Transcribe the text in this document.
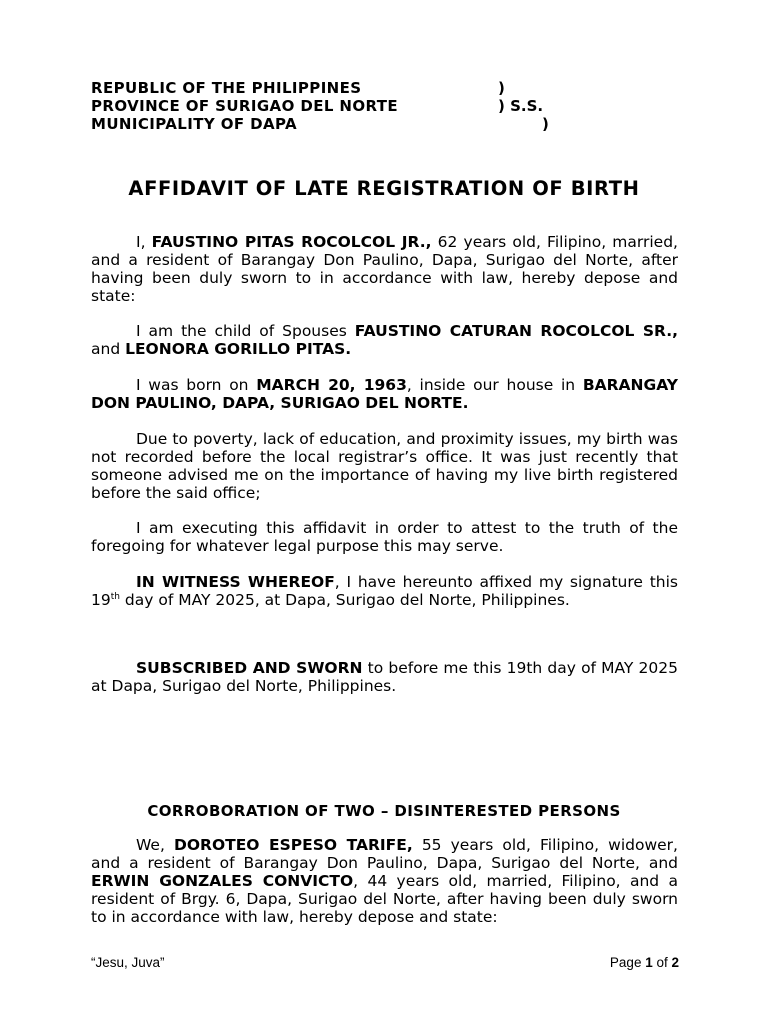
REPUBLIC OF THE PHILIPPINES	)
PROVINCE OF SURIGAO DEL NORTE	) S.S.
MUNICIPALITY OF DAPA	)
AFFIDAVIT OF LATE REGISTRATION OF BIRTH

I, FAUSTINO PITAS ROCOLCOL JR., 62 years old, Filipino, married, and a resident of Barangay Don Paulino, Dapa, Surigao del Norte, after having been duly sworn to in accordance with law, hereby depose and state:

I am the child of Spouses FAUSTINO CATURAN ROCOLCOL SR., and LEONORA GORILLO PITAS.

I was born on MARCH 20, 1963, inside our house in BARANGAY DON PAULINO, DAPA, SURIGAO DEL NORTE.

Due to poverty, lack of education, and proximity issues, my birth was not recorded before the local registrar’s office. It was just recently that someone advised me on the importance of having my live birth registered before the said office;

I am executing this affidavit in order to attest to the truth of the foregoing for whatever legal purpose this may serve.

IN WITNESS WHEREOF, I have hereunto affixed my signature this 19th day of MAY 2025, at Dapa, Surigao del Norte, Philippines.

SUBSCRIBED AND SWORN to before me this 19th day of MAY 2025 at Dapa, Surigao del Norte, Philippines.

CORROBORATION OF TWO – DISINTERESTED PERSONS

We, DOROTEO ESPESO TARIFE, 55 years old, Filipino, widower, and a resident of Barangay Don Paulino, Dapa, Surigao del Norte, and ERWIN GONZALES CONVICTO, 44 years old, married, Filipino, and a resident of Brgy. 6, Dapa, Surigao del Norte, after having been duly sworn to in accordance with law, hereby depose and state:

“Jesu, Juva”	Page 1 of 2
